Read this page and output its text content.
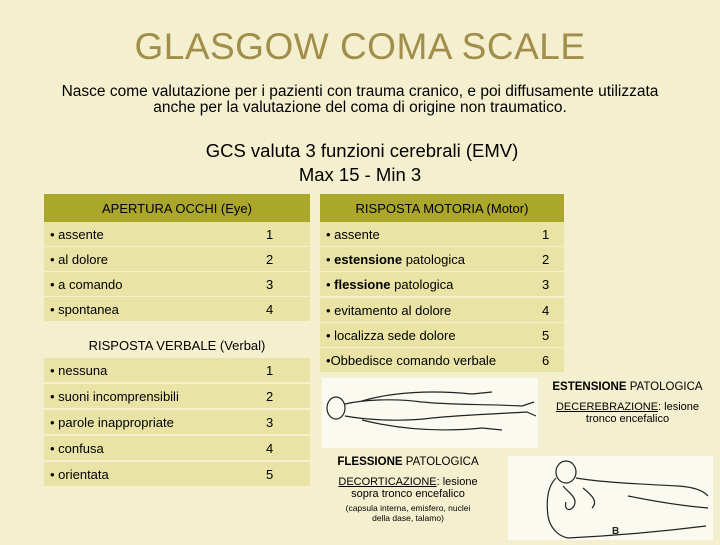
GLASGOW COMA SCALE
Nasce come valutazione per i pazienti con trauma cranico, e poi diffusamente utilizzata
anche per la valutazione del coma di origine non traumatico.
GCS valuta 3 funzioni cerebrali (EMV)
Max 15 - Min 3
APERTURA OCCHI (Eye)
• assente	1
• al dolore	2
• a comando	3
• spontanea	4
RISPOSTA VERBALE (Verbal)
• nessuna	1
• suoni incomprensibili	2
• parole inappropriate	3
• confusa	4
• orientata	5
RISPOSTA MOTORIA (Motor)
• assente	1
• estensione patologica	2
• flessione patologica	3
• evitamento al dolore	4
• localizza sede dolore	5
•Obbedisce comando verbale	6
ESTENSIONE PATOLOGICA
DECEREBRAZIONE: lesione
tronco encefalico
FLESSIONE PATOLOGICA
DECORTICAZIONE: lesione
sopra tronco encefalico
(capsula interna, emisfero, nuclei
della dase, talamo)
B
